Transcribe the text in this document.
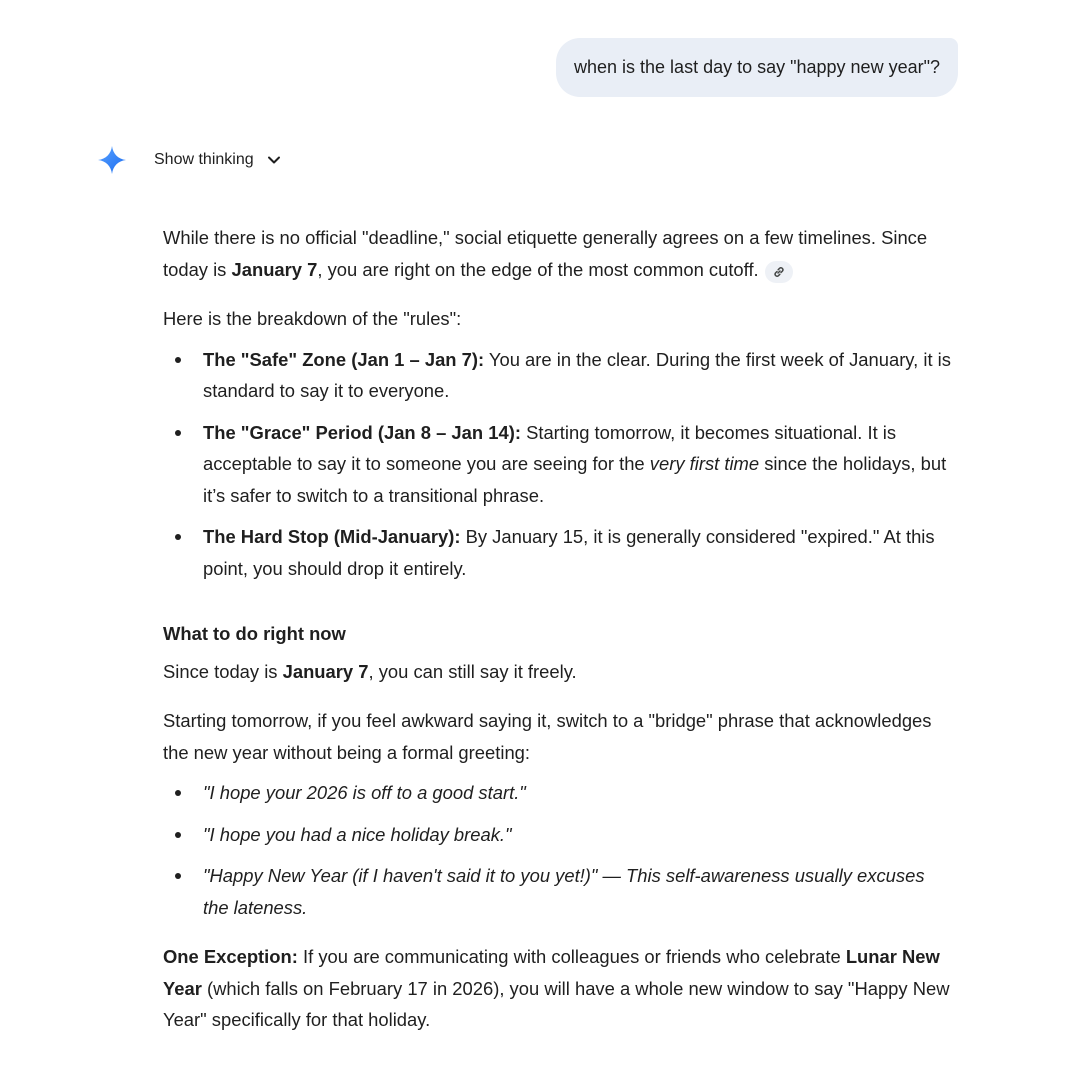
when is the last day to say "happy new year"?
Show thinking

While there is no official "deadline," social etiquette generally agrees on a few timelines. Since today is January 7, you are right on the edge of the most common cutoff.

Here is the breakdown of the "rules":

The "Safe" Zone (Jan 1 – Jan 7): You are in the clear. During the first week of January, it is standard to say it to everyone.
The "Grace" Period (Jan 8 – Jan 14): Starting tomorrow, it becomes situational. It is acceptable to say it to someone you are seeing for the very first time since the holidays, but it’s safer to switch to a transitional phrase.
The Hard Stop (Mid-January): By January 15, it is generally considered "expired." At this point, you should drop it entirely.

What to do right now

Since today is January 7, you can still say it freely.

Starting tomorrow, if you feel awkward saying it, switch to a "bridge" phrase that acknowledges the new year without being a formal greeting:

"I hope your 2026 is off to a good start."
"I hope you had a nice holiday break."
"Happy New Year (if I haven't said it to you yet!)" — This self-awareness usually excuses the lateness.

One Exception: If you are communicating with colleagues or friends who celebrate Lunar New Year (which falls on February 17 in 2026), you will have a whole new window to say "Happy New Year" specifically for that holiday.
